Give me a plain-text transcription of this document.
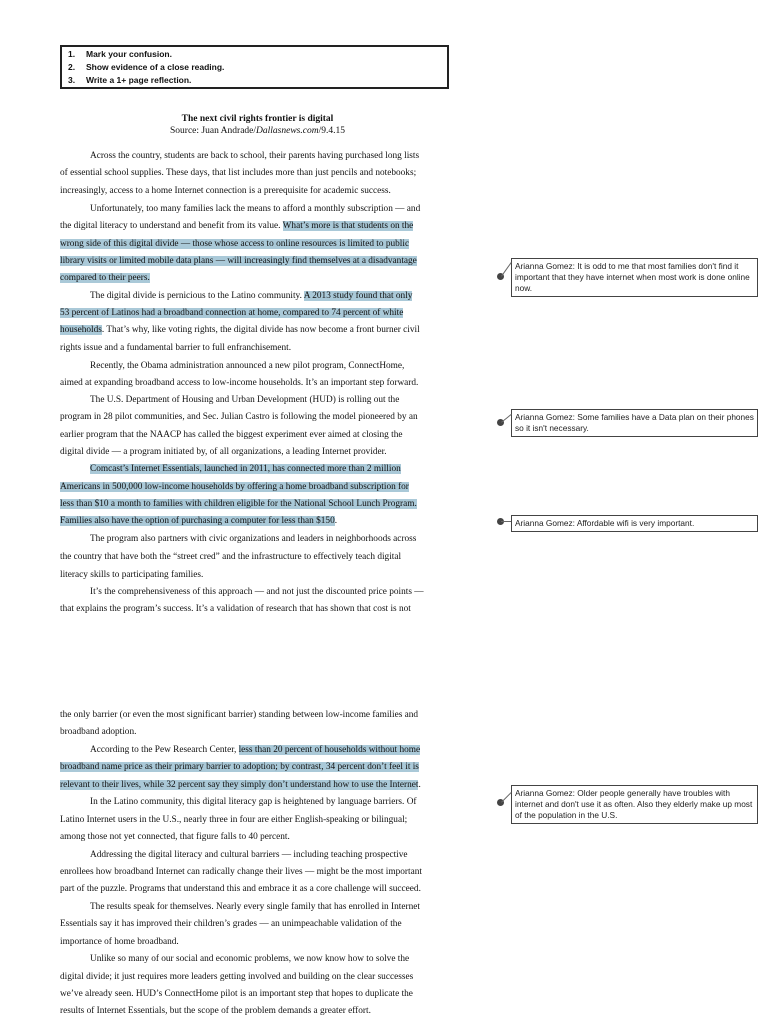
1. Mark your confusion.
2. Show evidence of a close reading.
3. Write a 1+ page reflection.
The next civil rights frontier is digital
Source: Juan Andrade/Dallasnews.com/9.4.15
Across the country, students are back to school, their parents having purchased long lists
of essential school supplies. These days, that list includes more than just pencils and notebooks;
increasingly, access to a home Internet connection is a prerequisite for academic success.
Unfortunately, too many families lack the means to afford a monthly subscription — and
the digital literacy to understand and benefit from its value. What’s more is that students on the
wrong side of this digital divide — those whose access to online resources is limited to public
library visits or limited mobile data plans — will increasingly find themselves at a disadvantage
compared to their peers.
The digital divide is pernicious to the Latino community. A 2013 study found that only
53 percent of Latinos had a broadband connection at home, compared to 74 percent of white
households. That’s why, like voting rights, the digital divide has now become a front burner civil
rights issue and a fundamental barrier to full enfranchisement.
Recently, the Obama administration announced a new pilot program, ConnectHome,
aimed at expanding broadband access to low-income households. It’s an important step forward.
The U.S. Department of Housing and Urban Development (HUD) is rolling out the
program in 28 pilot communities, and Sec. Julian Castro is following the model pioneered by an
earlier program that the NAACP has called the biggest experiment ever aimed at closing the
digital divide — a program initiated by, of all organizations, a leading Internet provider.
Comcast’s Internet Essentials, launched in 2011, has connected more than 2 million
Americans in 500,000 low-income households by offering a home broadband subscription for
less than $10 a month to families with children eligible for the National School Lunch Program.
Families also have the option of purchasing a computer for less than $150.
The program also partners with civic organizations and leaders in neighborhoods across
the country that have both the “street cred” and the infrastructure to effectively teach digital
literacy skills to participating families.
It’s the comprehensiveness of this approach — and not just the discounted price points —
that explains the program’s success. It’s a validation of research that has shown that cost is not
the only barrier (or even the most significant barrier) standing between low-income families and
broadband adoption.
According to the Pew Research Center, less than 20 percent of households without home
broadband name price as their primary barrier to adoption; by contrast, 34 percent don’t feel it is
relevant to their lives, while 32 percent say they simply don’t understand how to use the Internet.
In the Latino community, this digital literacy gap is heightened by language barriers. Of
Latino Internet users in the U.S., nearly three in four are either English-speaking or bilingual;
among those not yet connected, that figure falls to 40 percent.
Addressing the digital literacy and cultural barriers — including teaching prospective
enrollees how broadband Internet can radically change their lives — might be the most important
part of the puzzle. Programs that understand this and embrace it as a core challenge will succeed.
The results speak for themselves. Nearly every single family that has enrolled in Internet
Essentials say it has improved their children’s grades — an unimpeachable validation of the
importance of home broadband.
Unlike so many of our social and economic problems, we now know how to solve the
digital divide; it just requires more leaders getting involved and building on the clear successes
we’ve already seen. HUD’s ConnectHome pilot is an important step that hopes to duplicate the
results of Internet Essentials, but the scope of the problem demands a greater effort.
Arianna Gomez: It is odd to me that most families don't find it important that they have internet when most work is done online now.
Arianna Gomez: Some families have a Data plan on their phones so it isn't necessary.
Arianna Gomez: Affordable wifi is very important.
Arianna Gomez: Older people generally have troubles with internet and don't use it as often. Also they elderly make up most of the population in the U.S.
